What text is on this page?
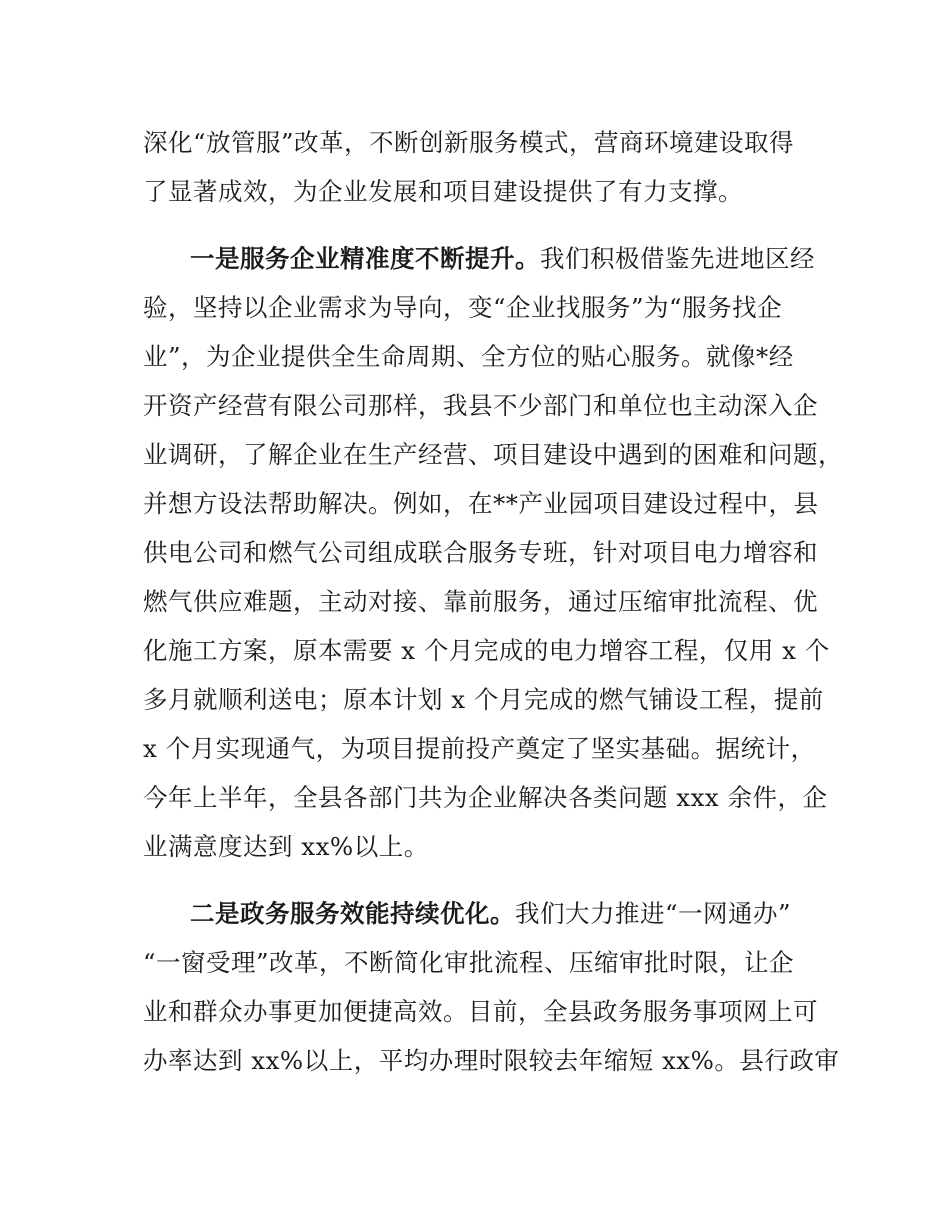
深化“放管服”改革，不断创新服务模式，营商环境建设取得
了显著成效，为企业发展和项目建设提供了有力支撑。
一是服务企业精准度不断提升。我们积极借鉴先进地区经
验，坚持以企业需求为导向，变“企业找服务”为“服务找企
业”，为企业提供全生命周期、全方位的贴心服务。就像*经
开资产经营有限公司那样，我县不少部门和单位也主动深入企
业调研，了解企业在生产经营、项目建设中遇到的困难和问题，
并想方设法帮助解决。例如，在**产业园项目建设过程中，县
供电公司和燃气公司组成联合服务专班，针对项目电力增容和
燃气供应难题，主动对接、靠前服务，通过压缩审批流程、优
化施工方案，原本需要 x 个月完成的电力增容工程，仅用 x 个
多月就顺利送电；原本计划 x 个月完成的燃气铺设工程，提前
x 个月实现通气，为项目提前投产奠定了坚实基础。据统计，
今年上半年，全县各部门共为企业解决各类问题 xxx 余件，企
业满意度达到 xx%以上。
二是政务服务效能持续优化。我们大力推进“一网通办”
“一窗受理”改革，不断简化审批流程、压缩审批时限，让企
业和群众办事更加便捷高效。目前，全县政务服务事项网上可
办率达到 xx%以上，平均办理时限较去年缩短 xx%。县行政审
